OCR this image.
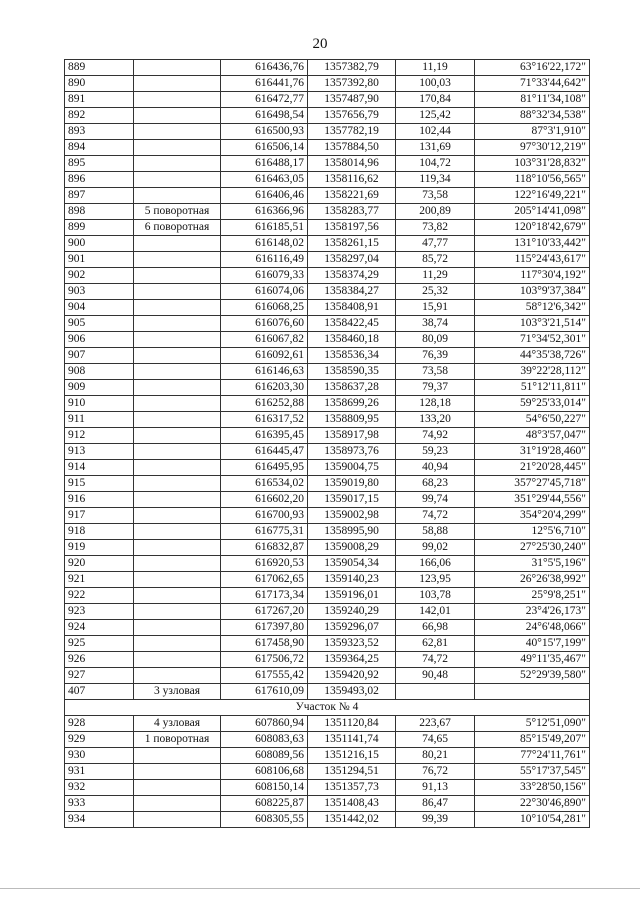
20
889		616436,76	1357382,79	11,19	63°16'22,172"
890		616441,76	1357392,80	100,03	71°33'44,642"
891		616472,77	1357487,90	170,84	81°11'34,108"
892		616498,54	1357656,79	125,42	88°32'34,538"
893		616500,93	1357782,19	102,44	87°3'1,910"
894		616506,14	1357884,50	131,69	97°30'12,219"
895		616488,17	1358014,96	104,72	103°31'28,832"
896		616463,05	1358116,62	119,34	118°10'56,565"
897		616406,46	1358221,69	73,58	122°16'49,221"
898	5 поворотная	616366,96	1358283,77	200,89	205°14'41,098"
899	6 поворотная	616185,51	1358197,56	73,82	120°18'42,679"
900		616148,02	1358261,15	47,77	131°10'33,442"
901		616116,49	1358297,04	85,72	115°24'43,617"
902		616079,33	1358374,29	11,29	117°30'4,192"
903		616074,06	1358384,27	25,32	103°9'37,384"
904		616068,25	1358408,91	15,91	58°12'6,342"
905		616076,60	1358422,45	38,74	103°3'21,514"
906		616067,82	1358460,18	80,09	71°34'52,301"
907		616092,61	1358536,34	76,39	44°35'38,726"
908		616146,63	1358590,35	73,58	39°22'28,112"
909		616203,30	1358637,28	79,37	51°12'11,811"
910		616252,88	1358699,26	128,18	59°25'33,014"
911		616317,52	1358809,95	133,20	54°6'50,227"
912		616395,45	1358917,98	74,92	48°3'57,047"
913		616445,47	1358973,76	59,23	31°19'28,460"
914		616495,95	1359004,75	40,94	21°20'28,445"
915		616534,02	1359019,80	68,23	357°27'45,718"
916		616602,20	1359017,15	99,74	351°29'44,556"
917		616700,93	1359002,98	74,72	354°20'4,299"
918		616775,31	1358995,90	58,88	12°5'6,710"
919		616832,87	1359008,29	99,02	27°25'30,240"
920		616920,53	1359054,34	166,06	31°5'5,196"
921		617062,65	1359140,23	123,95	26°26'38,992"
922		617173,34	1359196,01	103,78	25°9'8,251"
923		617267,20	1359240,29	142,01	23°4'26,173"
924		617397,80	1359296,07	66,98	24°6'48,066"
925		617458,90	1359323,52	62,81	40°15'7,199"
926		617506,72	1359364,25	74,72	49°11'35,467"
927		617555,42	1359420,92	90,48	52°29'39,580"
407	3 узловая	617610,09	1359493,02		
Участок № 4					
928	4 узловая	607860,94	1351120,84	223,67	5°12'51,090"
929	1 поворотная	608083,63	1351141,74	74,65	85°15'49,207"
930		608089,56	1351216,15	80,21	77°24'11,761"
931		608106,68	1351294,51	76,72	55°17'37,545"
932		608150,14	1351357,73	91,13	33°28'50,156"
933		608225,87	1351408,43	86,47	22°30'46,890"
934		608305,55	1351442,02	99,39	10°10'54,281"
